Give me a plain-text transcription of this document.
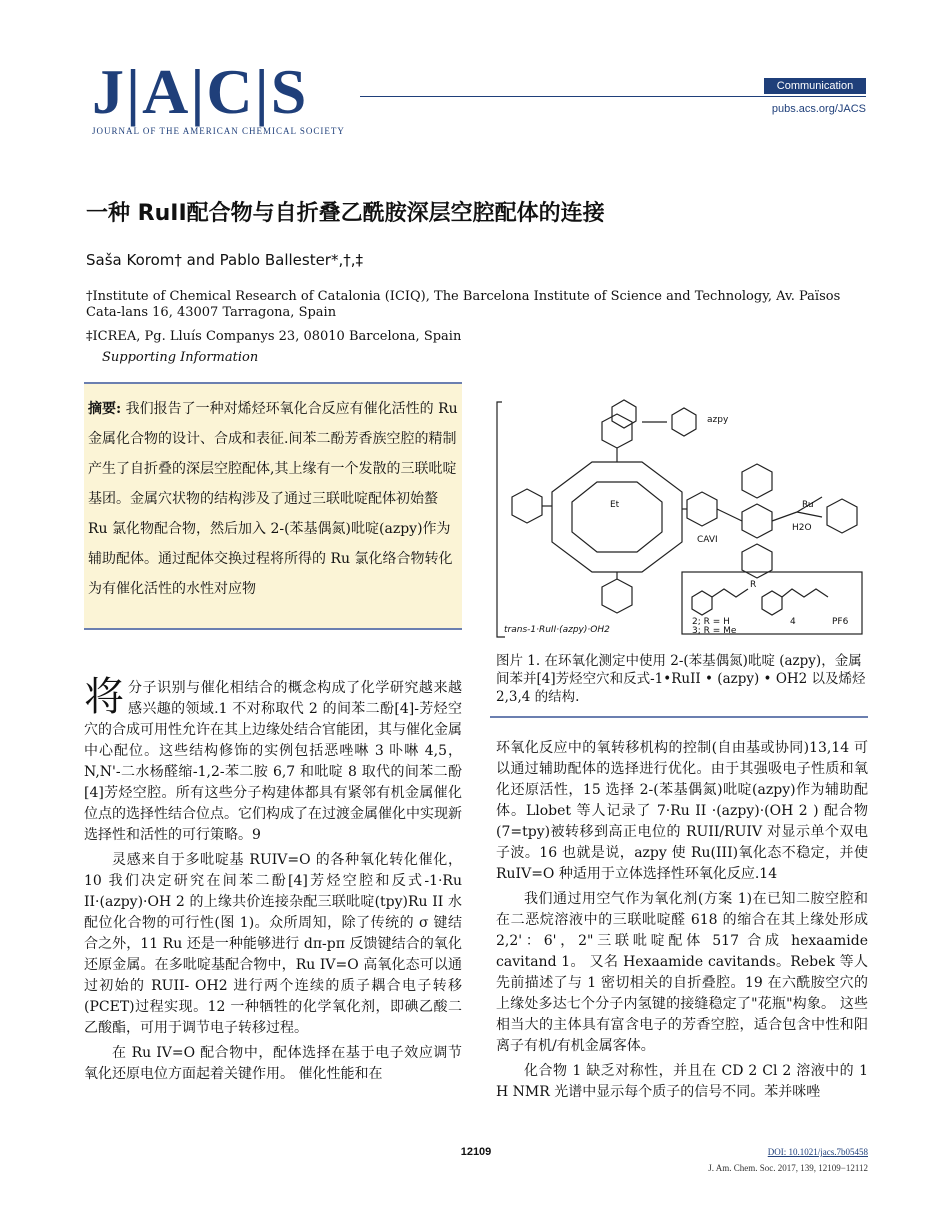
J|A|C|S
JOURNAL OF THE AMERICAN CHEMICAL SOCIETY
Communication
pubs.acs.org/JACS
一种 RuII配合物与自折叠乙酰胺深层空腔配体的连接
Saša Korom† and Pablo Ballester*,†,‡
†Institute of Chemical Research of Catalonia (ICIQ), The Barcelona Institute of Science and Technology, Av. Paı̈sos Cata-lans 16, 43007 Tarragona, Spain
‡ICREA, Pg. Lluís Companys 23, 08010 Barcelona, Spain
Supporting Information
摘要: 我们报告了一种对烯烃环氧化合反应有催化活性的 Ru 金属化合物的设计、合成和表征.间苯二酚芳香族空腔的精制产生了自折叠的深层空腔配体,其上缘有一个发散的三联吡啶基团。金属穴状物的结构涉及了通过三联吡啶配体初始螯 Ru 氯化物配合物，然后加入 2-(苯基偶氮)吡啶(azpy)作为辅助配体。通过配体交换过程将所得的 Ru 氯化络合物转化为有催化活性的水性对应物
azpy
CAVI
trans-1·RuII·(azpy)·OH2
2; R = H
3; R = Me
4	PF6
Et	Ru
H2O
R
图片 1. 在环氧化测定中使用 2-(苯基偶氮)吡啶 (azpy)，金属间苯并[4]芳烃空穴和反式-1•RuII • (azpy) • OH2 以及烯烃 2,3,4 的结构.

将分子识别与催化相结合的概念构成了化学研究越来越感兴趣的领域.1 不对称取代 2 的间苯二酚[4]-芳烃空穴的合成可用性允许在其上边缘处结合官能团，其与催化金属中心配位。这些结构修饰的实例包括恶唑啉 3 卟啉 4,5，N,N'-二水杨醛缩-1,2-苯二胺 6,7 和吡啶 8 取代的间苯二酚[4]芳烃空腔。所有这些分子构建体都具有紧邻有机金属催化位点的选择性结合位点。它们构成了在过渡金属催化中实现新选择性和活性的可行策略。9

灵感来自于多吡啶基 RUIV=O 的各种氧化转化催化，10 我们决定研究在间苯二酚[4]芳烃空腔和反式-1·Ru II·(azpy)·OH 2 的上缘共价连接杂配三联吡啶(tpy)Ru II 水配位化合物的可行性(图 1)。众所周知，除了传统的 σ 键结合之外，11 Ru 还是一种能够进行 dπ-pπ 反馈键结合的氧化还原金属。在多吡啶基配合物中，Ru IV=O 高氧化态可以通过初始的 RUII- OH2 进行两个连续的质子耦合电子转移(PCET)过程实现。12 一种牺牲的化学氧化剂，即碘乙酸二乙酸酯，可用于调节电子转移过程。

在 Ru IV=O 配合物中，配体选择在基于电子效应调节氧化还原电位方面起着关键作用。 催化性能和在

环氧化反应中的氧转移机构的控制(自由基或协同)13,14 可以通过辅助配体的选择进行优化。由于其强吸电子性质和氧化还原活性，15 选择 2-(苯基偶氮)吡啶(azpy)作为辅助配体。Llobet 等人记录了 7·Ru II ·(azpy)·(OH 2 ) 配合物(7=tpy)被转移到高正电位的 RUII/RUIV 对显示单个双电子波。16 也就是说，azpy 使 Ru(III)氧化态不稳定，并使 RuIV=O 种适用于立体选择性环氧化反应.14

我们通过用空气作为氧化剂(方案 1)在已知二胺空腔和在二恶烷溶液中的三联吡啶醛 618 的缩合在其上缘处形成 2,2'：6'，2"三联吡啶配体 517 合成 hexaamide cavitand 1。 又名 Hexaamide cavitands。Rebek 等人先前描述了与 1 密切相关的自折叠腔。19 在六酰胺空穴的上缘处多达七个分子内氢键的接缝稳定了"花瓶"构象。 这些相当大的主体具有富含电子的芳香空腔，适合包含中性和阳离子有机/有机金属客体。

化合物 1 缺乏对称性，并且在 CD 2 Cl 2 溶液中的 1 H NMR 光谱中显示每个质子的信号不同。苯并咪唑

12109	DOI: 10.1021/jacs.7b05458
J. Am. Chem. Soc. 2017, 139, 12109−12112
